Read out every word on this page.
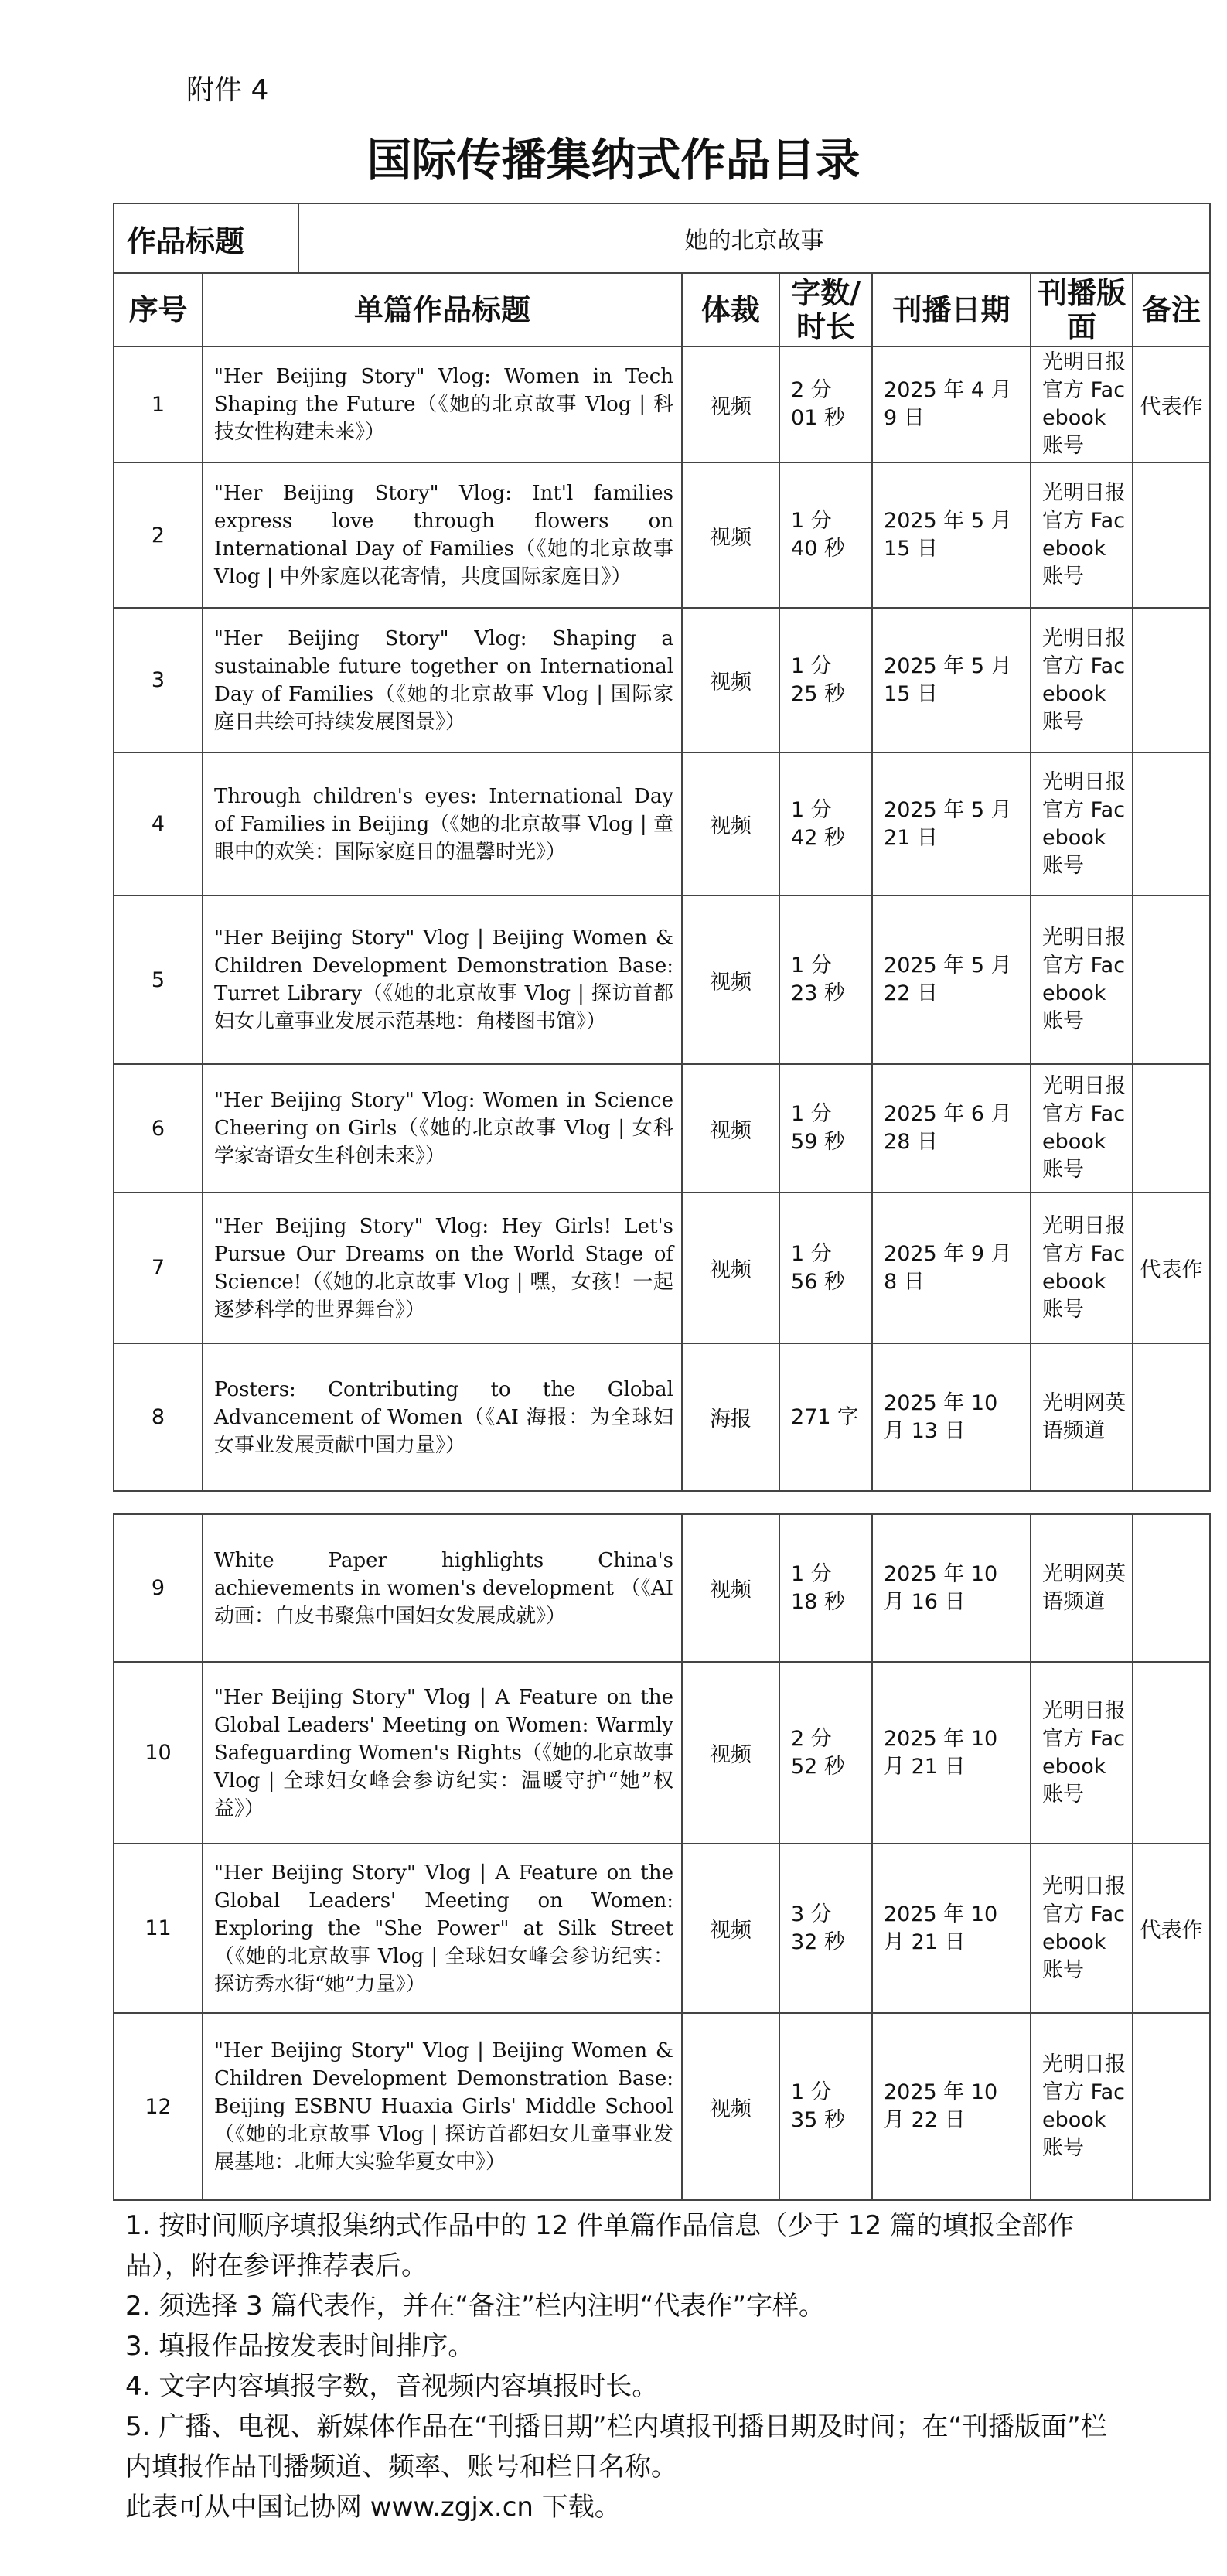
附件 4
国际传播集纳式作品目录
作品标题		她的北京故事					
序号	单篇作品标题		体裁	字数/时长	刊播日期	刊播版面	备注
1	"Her Beijing Story" Vlog: Women in Tech Shaping the Future（《她的北京故事 Vlog | 科技女性构建未来》）		视频	2 分 01 秒	2025 年 4 月 9 日	光明日报官方 Facebook 账号	代表作
2	"Her Beijing Story" Vlog: Int'l families express love through flowers on International Day of Families（《她的北京故事 Vlog | 中外家庭以花寄情，共度国际家庭日》）		视频	1 分 40 秒	2025 年 5 月 15 日	光明日报官方 Facebook 账号	
3	"Her Beijing Story" Vlog: Shaping a sustainable future together on International Day of Families（《她的北京故事 Vlog | 国际家庭日共绘可持续发展图景》）		视频	1 分 25 秒	2025 年 5 月 15 日	光明日报官方 Facebook 账号	
4	Through children's eyes: International Day of Families in Beijing（《她的北京故事 Vlog | 童眼中的欢笑：国际家庭日的温馨时光》）		视频	1 分 42 秒	2025 年 5 月 21 日	光明日报官方 Facebook 账号	
5	"Her Beijing Story" Vlog | Beijing Women & Children Development Demonstration Base: Turret Library（《她的北京故事 Vlog | 探访首都妇女儿童事业发展示范基地：角楼图书馆》）		视频	1 分 23 秒	2025 年 5 月 22 日	光明日报官方 Facebook 账号	
6	"Her Beijing Story" Vlog: Women in Science Cheering on Girls（《她的北京故事 Vlog | 女科学家寄语女生科创未来》）		视频	1 分 59 秒	2025 年 6 月 28 日	光明日报官方 Facebook 账号	
7	"Her Beijing Story" Vlog: Hey Girls! Let's Pursue Our Dreams on the World Stage of Science!（《她的北京故事 Vlog | 嘿，女孩！一起逐梦科学的世界舞台》）		视频	1 分 56 秒	2025 年 9 月 8 日	光明日报官方 Facebook 账号	代表作
8	Posters: Contributing to the Global Advancement of Women（《AI 海报：为全球妇女事业发展贡献中国力量》）		海报	271 字	2025 年 10 月 13 日	光明网英语频道	
9	White Paper highlights China's achievements in women's development （《AI 动画：白皮书聚焦中国妇女发展成就》）	视频	1 分 18 秒	2025 年 10 月 16 日	光明网英语频道	
10	"Her Beijing Story" Vlog | A Feature on the Global Leaders' Meeting on Women: Warmly Safeguarding Women's Rights（《她的北京故事 Vlog | 全球妇女峰会参访纪实：温暖守护“她”权益》）	视频	2 分 52 秒	2025 年 10 月 21 日	光明日报官方 Facebook 账号	
11	"Her Beijing Story" Vlog | A Feature on the Global Leaders' Meeting on Women: Exploring the "She Power" at Silk Street（《她的北京故事 Vlog | 全球妇女峰会参访纪实：探访秀水街“她”力量》）	视频	3 分 32 秒	2025 年 10 月 21 日	光明日报官方 Facebook 账号	代表作
12	"Her Beijing Story" Vlog | Beijing Women & Children Development Demonstration Base: Beijing ESBNU Huaxia Girls' Middle School（《她的北京故事 Vlog | 探访首都妇女儿童事业发展基地：北师大实验华夏女中》）	视频	1 分 35 秒	2025 年 10 月 22 日	光明日报官方 Facebook 账号	
1. 按时间顺序填报集纳式作品中的 12 件单篇作品信息（少于 12 篇的填报全部作品），附在参评推荐表后。
2. 须选择 3 篇代表作，并在“备注”栏内注明“代表作”字样。
3. 填报作品按发表时间排序。
4. 文字内容填报字数，音视频内容填报时长。
5. 广播、电视、新媒体作品在“刊播日期”栏内填报刊播日期及时间；在“刊播版面”栏内填报作品刊播频道、频率、账号和栏目名称。
此表可从中国记协网 www.zgjx.cn 下载。
